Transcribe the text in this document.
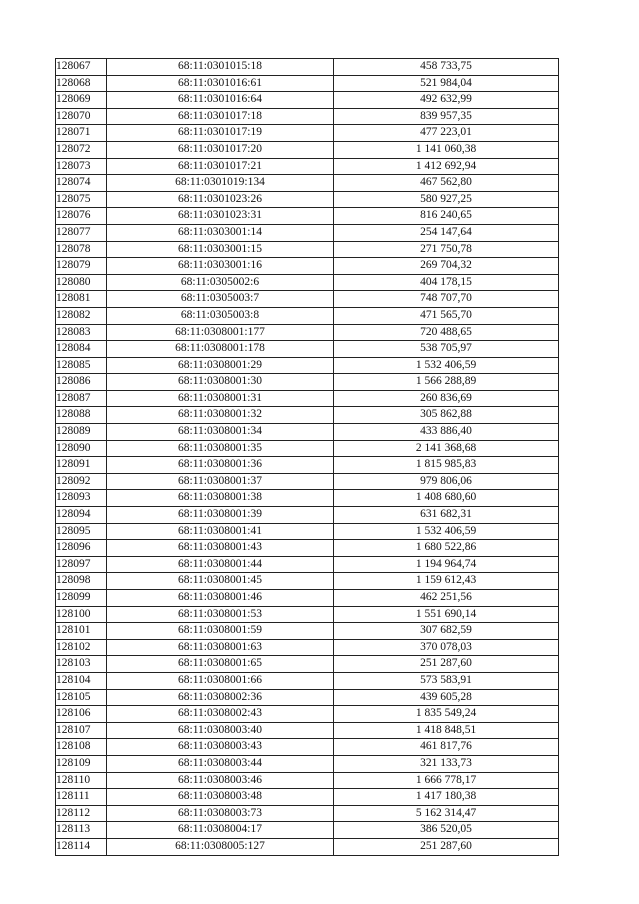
128067	68:11:0301015:18	458 733,75
128068	68:11:0301016:61	521 984,04
128069	68:11:0301016:64	492 632,99
128070	68:11:0301017:18	839 957,35
128071	68:11:0301017:19	477 223,01
128072	68:11:0301017:20	1 141 060,38
128073	68:11:0301017:21	1 412 692,94
128074	68:11:0301019:134	467 562,80
128075	68:11:0301023:26	580 927,25
128076	68:11:0301023:31	816 240,65
128077	68:11:0303001:14	254 147,64
128078	68:11:0303001:15	271 750,78
128079	68:11:0303001:16	269 704,32
128080	68:11:0305002:6	404 178,15
128081	68:11:0305003:7	748 707,70
128082	68:11:0305003:8	471 565,70
128083	68:11:0308001:177	720 488,65
128084	68:11:0308001:178	538 705,97
128085	68:11:0308001:29	1 532 406,59
128086	68:11:0308001:30	1 566 288,89
128087	68:11:0308001:31	260 836,69
128088	68:11:0308001:32	305 862,88
128089	68:11:0308001:34	433 886,40
128090	68:11:0308001:35	2 141 368,68
128091	68:11:0308001:36	1 815 985,83
128092	68:11:0308001:37	979 806,06
128093	68:11:0308001:38	1 408 680,60
128094	68:11:0308001:39	631 682,31
128095	68:11:0308001:41	1 532 406,59
128096	68:11:0308001:43	1 680 522,86
128097	68:11:0308001:44	1 194 964,74
128098	68:11:0308001:45	1 159 612,43
128099	68:11:0308001:46	462 251,56
128100	68:11:0308001:53	1 551 690,14
128101	68:11:0308001:59	307 682,59
128102	68:11:0308001:63	370 078,03
128103	68:11:0308001:65	251 287,60
128104	68:11:0308001:66	573 583,91
128105	68:11:0308002:36	439 605,28
128106	68:11:0308002:43	1 835 549,24
128107	68:11:0308003:40	1 418 848,51
128108	68:11:0308003:43	461 817,76
128109	68:11:0308003:44	321 133,73
128110	68:11:0308003:46	1 666 778,17
128111	68:11:0308003:48	1 417 180,38
128112	68:11:0308003:73	5 162 314,47
128113	68:11:0308004:17	386 520,05
128114	68:11:0308005:127	251 287,60
